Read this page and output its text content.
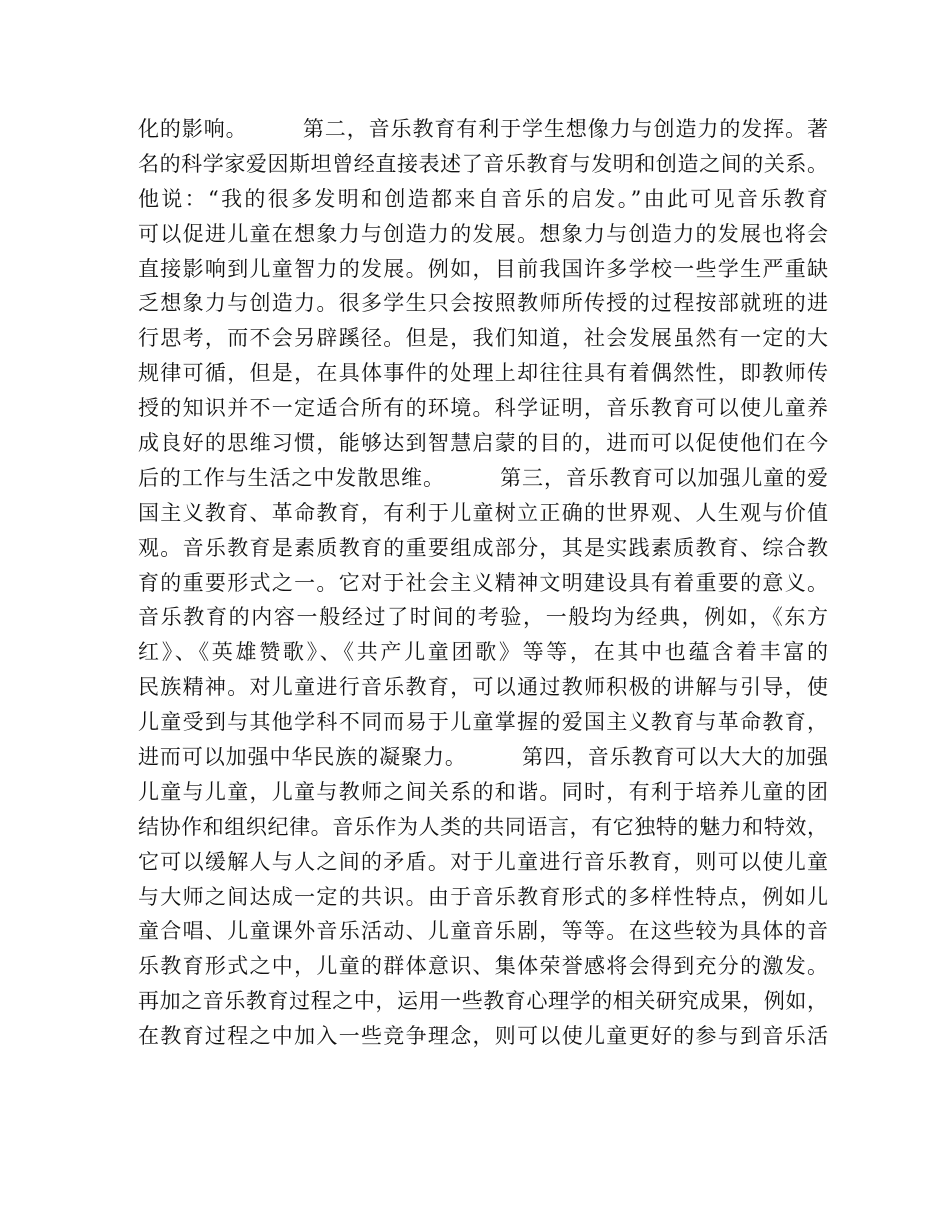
化的影响。　　　第二，音乐教育有利于学生想像力与创造力的发挥。著
名的科学家爱因斯坦曾经直接表述了音乐教育与发明和创造之间的关系。
他说：“我的很多发明和创造都来自音乐的启发。”由此可见音乐教育
可以促进儿童在想象力与创造力的发展。想象力与创造力的发展也将会
直接影响到儿童智力的发展。例如，目前我国许多学校一些学生严重缺
乏想象力与创造力。很多学生只会按照教师所传授的过程按部就班的进
行思考，而不会另辟蹊径。但是，我们知道，社会发展虽然有一定的大
规律可循，但是，在具体事件的处理上却往往具有着偶然性，即教师传
授的知识并不一定适合所有的环境。科学证明，音乐教育可以使儿童养
成良好的思维习惯，能够达到智慧启蒙的目的，进而可以促使他们在今
后的工作与生活之中发散思维。　　　第三，音乐教育可以加强儿童的爱
国主义教育、革命教育，有利于儿童树立正确的世界观、人生观与价值
观。音乐教育是素质教育的重要组成部分，其是实践素质教育、综合教
育的重要形式之一。它对于社会主义精神文明建设具有着重要的意义。
音乐教育的内容一般经过了时间的考验，一般均为经典，例如，《东方
红》、《英雄赞歌》、《共产儿童团歌》等等，在其中也蕴含着丰富的
民族精神。对儿童进行音乐教育，可以通过教师积极的讲解与引导，使
儿童受到与其他学科不同而易于儿童掌握的爱国主义教育与革命教育，
进而可以加强中华民族的凝聚力。　　　第四，音乐教育可以大大的加强
儿童与儿童，儿童与教师之间关系的和谐。同时，有利于培养儿童的团
结协作和组织纪律。音乐作为人类的共同语言，有它独特的魅力和特效，
它可以缓解人与人之间的矛盾。对于儿童进行音乐教育，则可以使儿童
与大师之间达成一定的共识。由于音乐教育形式的多样性特点，例如儿
童合唱、儿童课外音乐活动、儿童音乐剧，等等。在这些较为具体的音
乐教育形式之中，儿童的群体意识、集体荣誉感将会得到充分的激发。
再加之音乐教育过程之中，运用一些教育心理学的相关研究成果，例如，
在教育过程之中加入一些竞争理念，则可以使儿童更好的参与到音乐活
